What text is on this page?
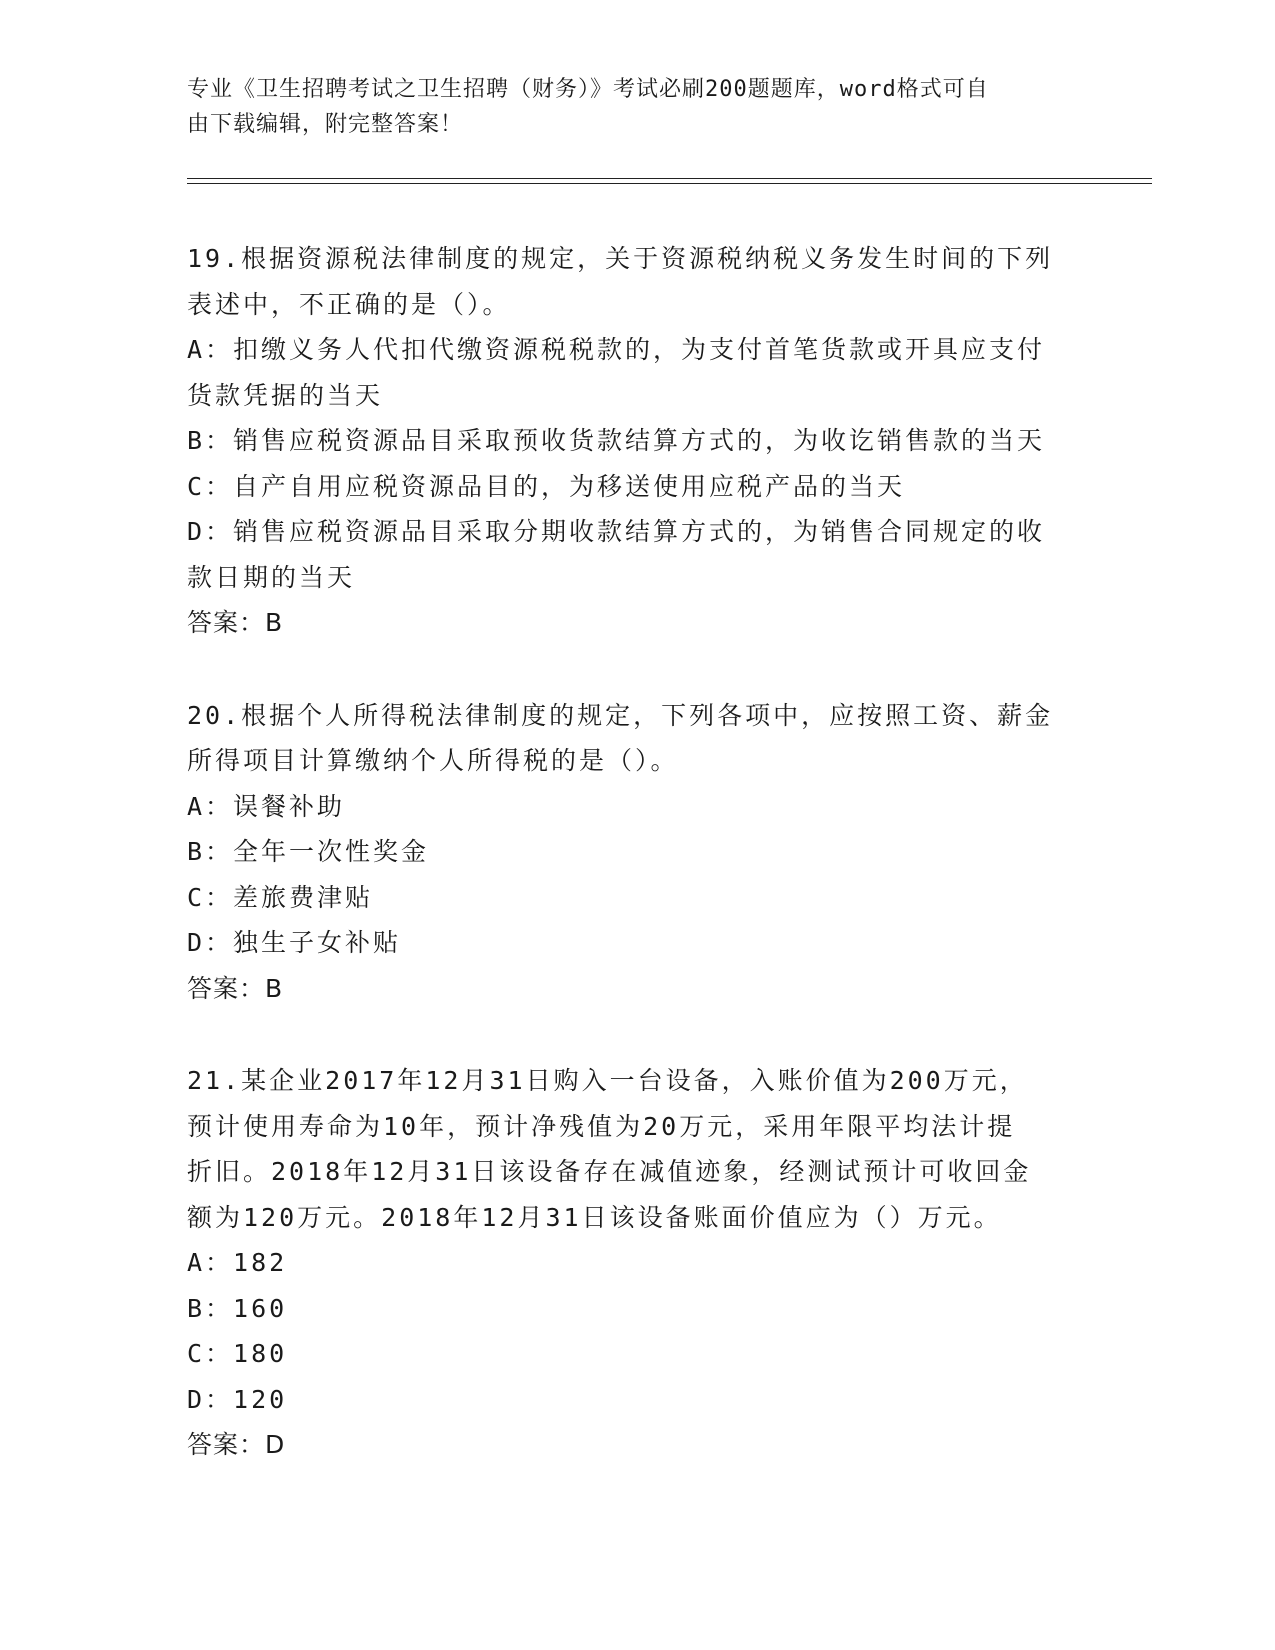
专业《卫生招聘考试之卫生招聘（财务）》考试必刷200题题库，word格式可自
由下载编辑，附完整答案！
19.根据资源税法律制度的规定，关于资源税纳税义务发生时间的下列
表述中，不正确的是（）。
A：扣缴义务人代扣代缴资源税税款的，为支付首笔货款或开具应支付
货款凭据的当天
B：销售应税资源品目采取预收货款结算方式的，为收讫销售款的当天
C：自产自用应税资源品目的，为移送使用应税产品的当天
D：销售应税资源品目采取分期收款结算方式的，为销售合同规定的收
款日期的当天
答案：B
20.根据个人所得税法律制度的规定，下列各项中，应按照工资、薪金
所得项目计算缴纳个人所得税的是（）。
A：误餐补助
B：全年一次性奖金
C：差旅费津贴
D：独生子女补贴
答案：B
21.某企业2017年12月31日购入一台设备，入账价值为200万元，
预计使用寿命为10年，预计净残值为20万元，采用年限平均法计提
折旧。2018年12月31日该设备存在减值迹象，经测试预计可收回金
额为120万元。2018年12月31日该设备账面价值应为（）万元。
A：182
B：160
C：180
D：120
答案：D
